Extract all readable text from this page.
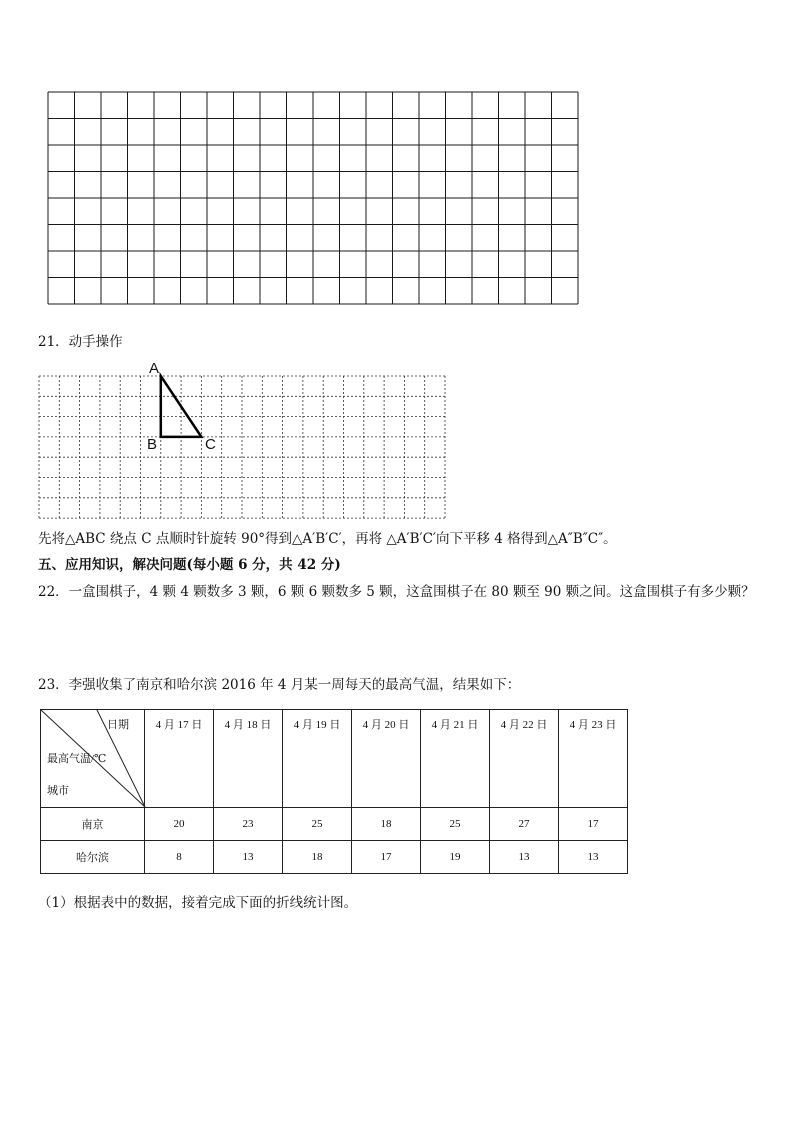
21．动手操作
A
B	C
先将△ABC 绕点 C 点顺时针旋转 90°得到△A′B′C′，再将 △A′B′C′向下平移 4 格得到△A″B″C″。
五、应用知识，解决问题(每小题 6 分，共 42 分)
22．一盒围棋子，4 颗 4 颗数多 3 颗，6 颗 6 颗数多 5 颗，这盒围棋子在 80 颗至 90 颗之间。这盒围棋子有多少颗？
23．李强收集了南京和哈尔滨 2016 年 4 月某一周每天的最高气温，结果如下：
日期
最高气温/℃
城市	4 月 17 日	4 月 18 日	4 月 19 日	4 月 20 日	4 月 21 日	4 月 22 日	4 月 23 日

南京	20	23	25	18	25	27	17
哈尔滨	8	13	18	17	19	13	13
（1）根据表中的数据，接着完成下面的折线统计图。
